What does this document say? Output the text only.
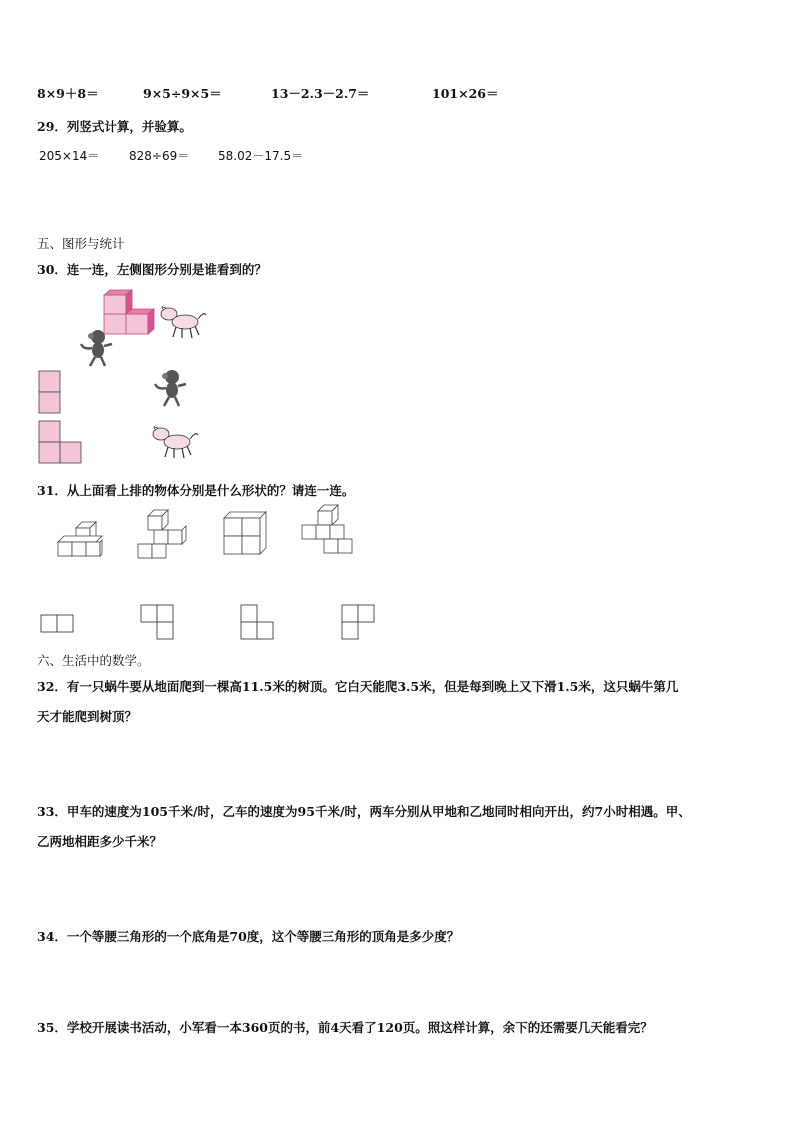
8×9＋8＝	9×5÷9×5＝	13－2.3－2.7＝	101×26＝
29．列竖式计算，并验算。
205×14＝ 828÷69＝ 58.02－17.5＝
五、图形与统计
30．连一连，左侧图形分别是谁看到的？
31．从上面看上排的物体分别是什么形状的？请连一连。
六、生活中的数学。
32．有一只蜗牛要从地面爬到一棵高11.5米的树顶。它白天能爬3.5米，但是每到晚上又下滑1.5米，这只蜗牛第几
天才能爬到树顶？
33．甲车的速度为105千米/时，乙车的速度为95千米/时，两车分别从甲地和乙地同时相向开出，约7小时相遇。甲、
乙两地相距多少千米？
34．一个等腰三角形的一个底角是70度，这个等腰三角形的顶角是多少度？
35．学校开展读书活动，小军看一本360页的书，前4天看了120页。照这样计算，余下的还需要几天能看完？
